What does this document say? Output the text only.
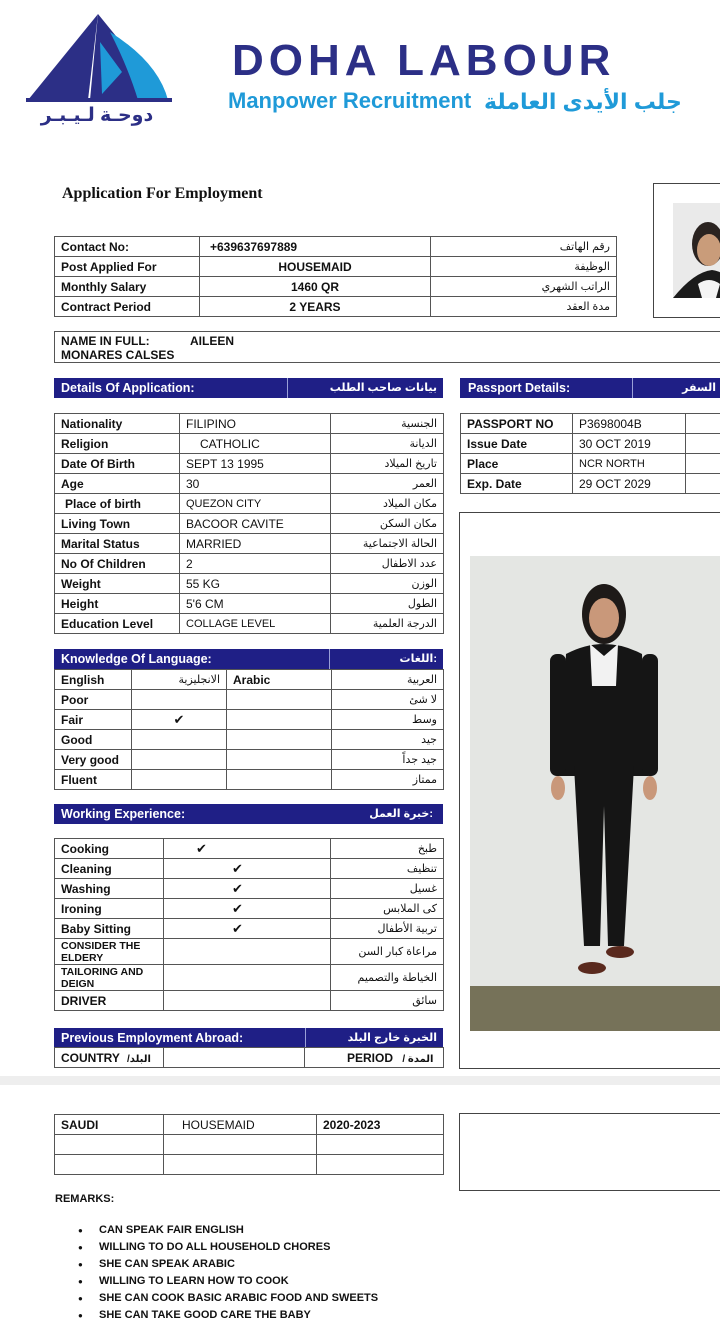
دوحـة لـيـبـر
DOHA LABOUR
Manpower Recruitment جلب الأيدى العاملة
Application For Employment
Contact No:	+639637697889	رقم الهاتف
Post Applied For	HOUSEMAID	الوظيفة
Monthly Salary	1460 QR	الراتب الشهري
Contract Period	2 YEARS	مدة العقد
NAME IN FULL:	AILEEN
MONARES CALSES
Details Of Application:	بيانات صاحب الطلب Passport Details:	السفر
Nationality	FILIPINO	الجنسية
Religion	CATHOLIC	الديانة
Date Of Birth	SEPT 13 1995	تاريخ الميلاد
Age	30	العمر
Place of birth	QUEZON CITY	مكان الميلاد
Living Town	BACOOR CAVITE	مكان السكن
Marital Status	MARRIED	الحالة الاجتماعية
No Of Children	2	عدد الاطفال
Weight	55 KG	الوزن
Height	5'6 CM	الطول
Education Level	COLLAGE LEVEL	الدرجة العلمية
PASSPORT NO	P3698004B	
Issue Date	30 OCT 2019	
Place	NCR NORTH	
Exp. Date	29 OCT 2029	
Knowledge Of Language:	:اللغات
English	الانجليزية	Arabic	العربية
Poor			لا شئ
Fair	✔		وسط
Good			جيد
Very good			جيد جداً
Fluent			ممتاز
Working Experience:	:خبرة العمل
Cooking	✔	طبخ
Cleaning	✔	تنظيف
Washing	✔	غسيل
Ironing	✔	كى الملابس
Baby Sitting	✔	تربية الأطفال
CONSIDER THE ELDERY		مراعاة كبار السن
TAILORING AND DEIGN		الخياطة والتصميم
DRIVER		سائق
Previous Employment Abroad:	الخبرة خارج البلد
COUNTRY /البلد		PERIOD / المدة
SAUDI	HOUSEMAID	2020-2023

REMARKS:
● CAN SPEAK FAIR ENGLISH
● WILLING TO DO ALL HOUSEHOLD CHORES
● SHE CAN SPEAK ARABIC
● WILLING TO LEARN HOW TO COOK
● SHE CAN COOK BASIC ARABIC FOOD AND SWEETS
● SHE CAN TAKE GOOD CARE THE BABY
